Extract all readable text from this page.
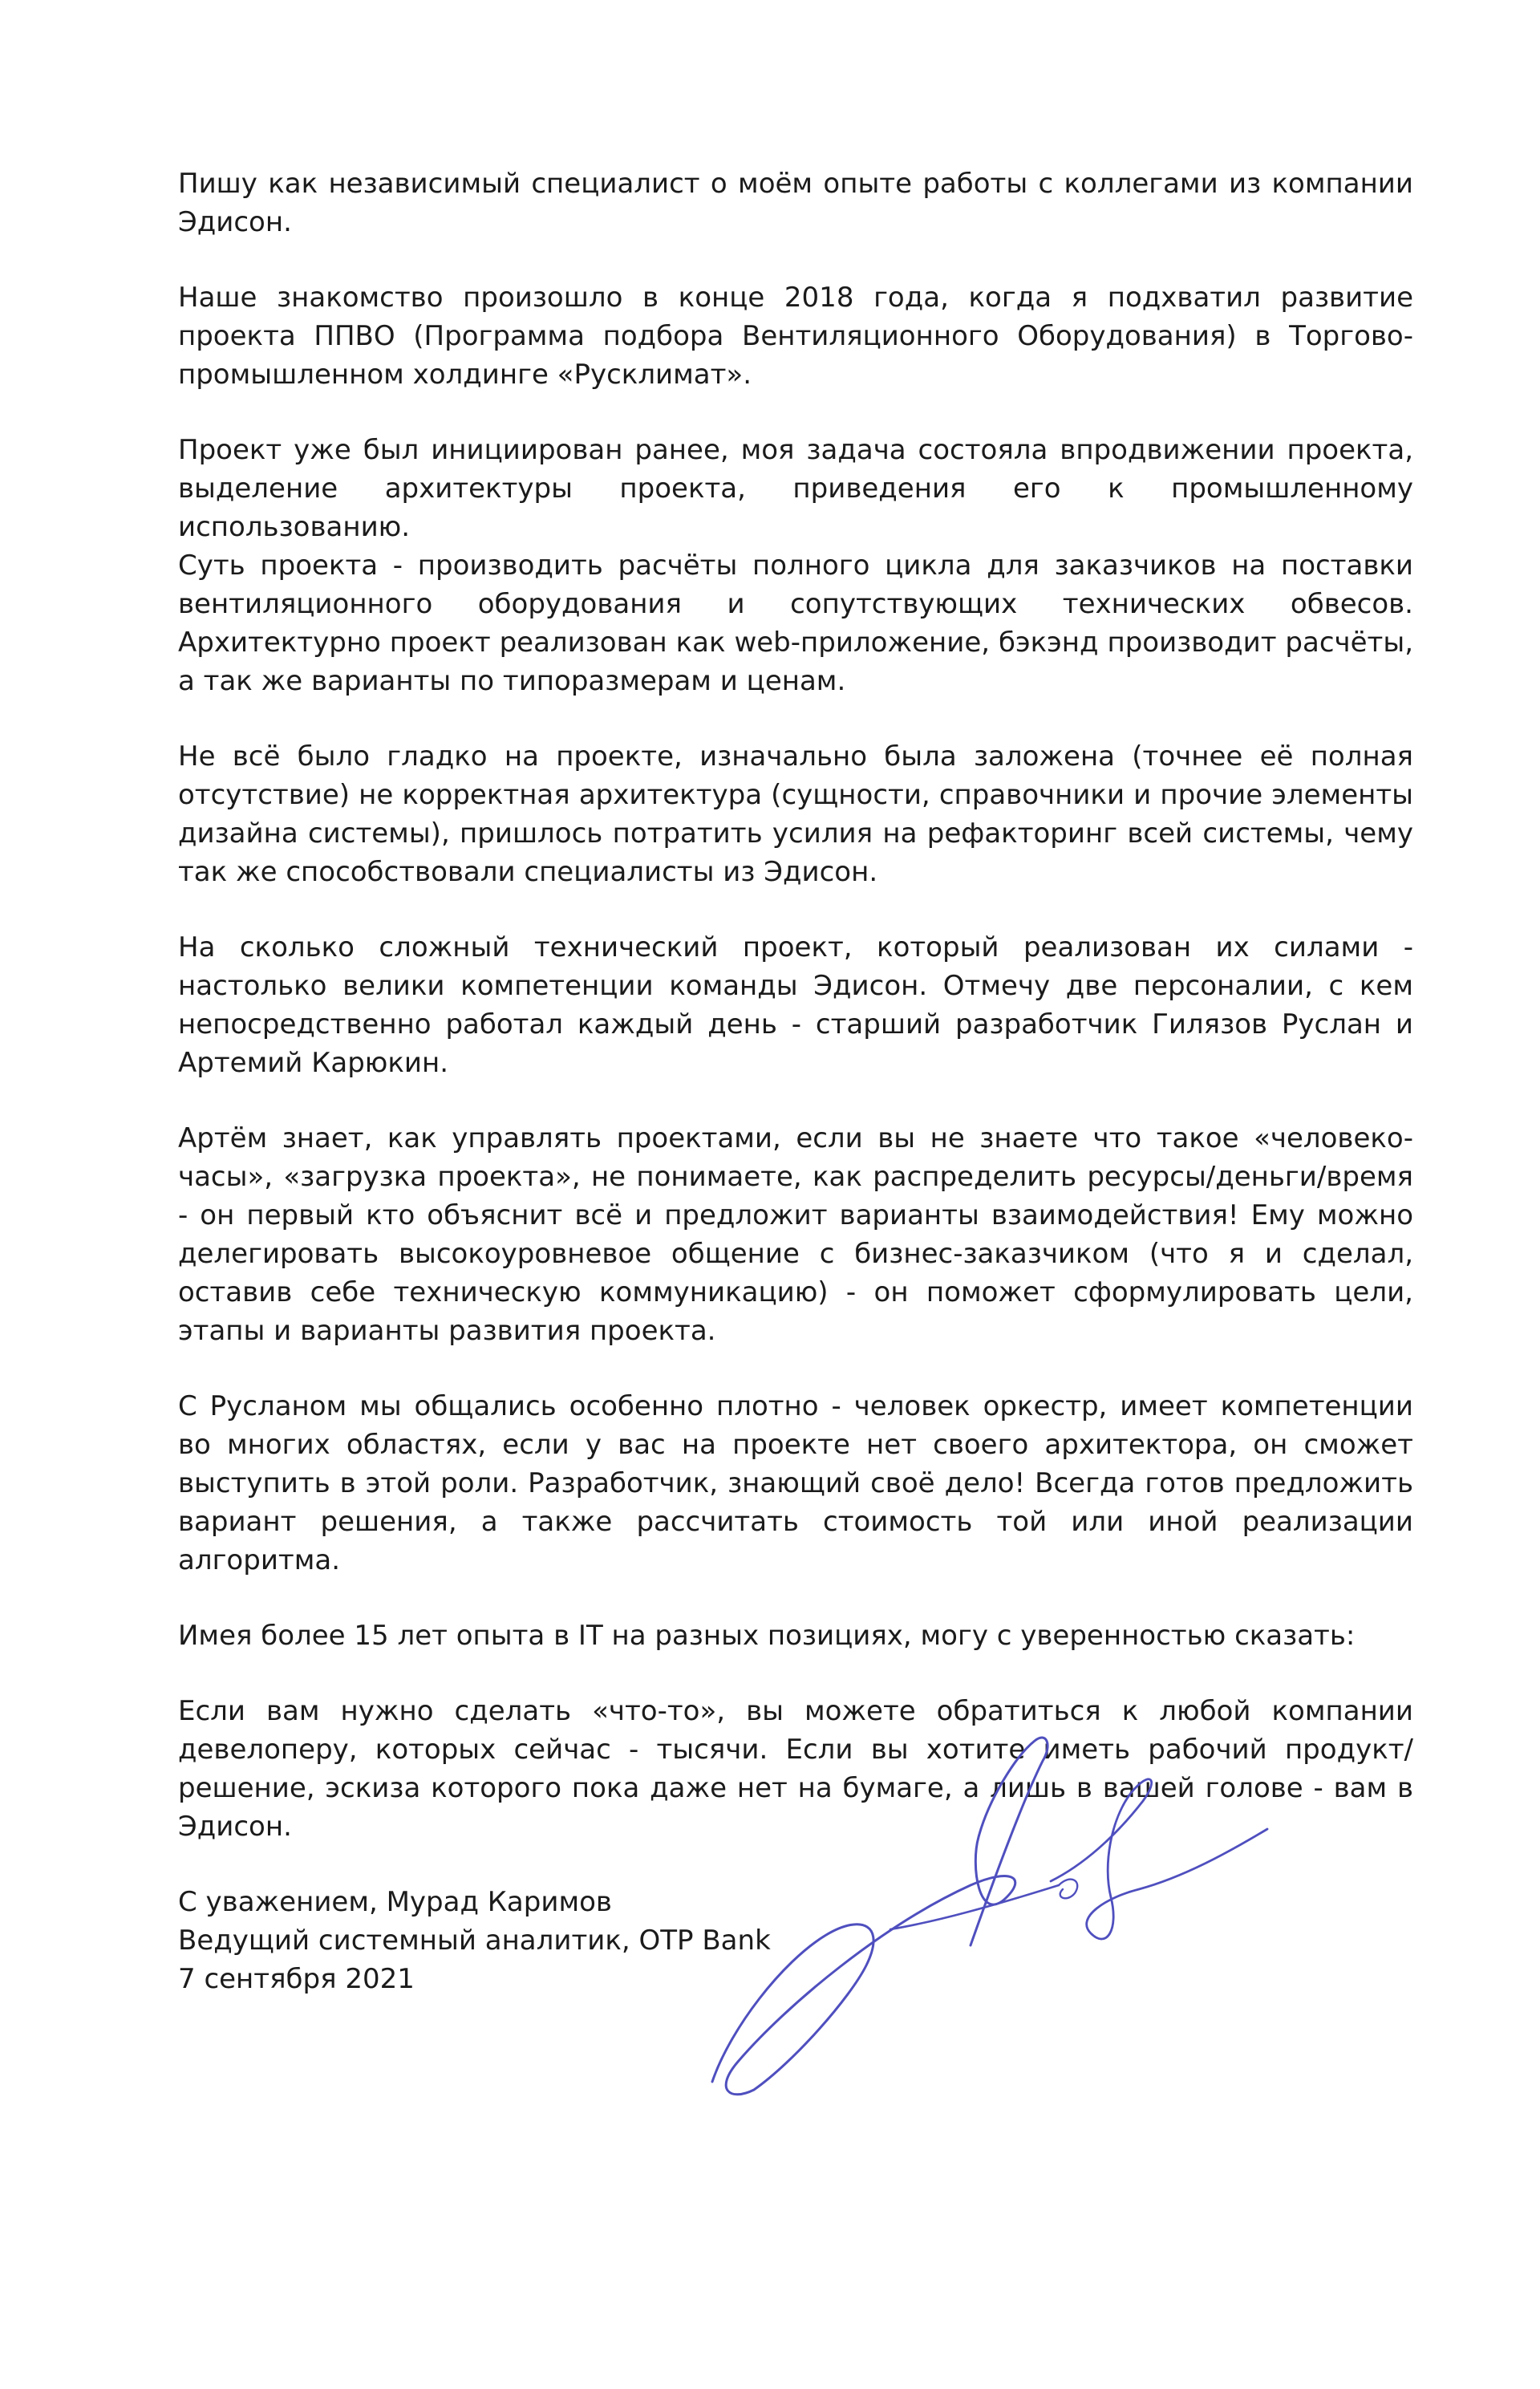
Пишу как независимый специалист о моём опыте работы с коллегами из компании Эдисон.

Наше знакомство произошло в конце 2018 года, когда я подхватил развитие проекта ППВО (Программа подбора Вентиляционного Оборудования) в Торгово-промышленном холдинге «Русклимат».

Проект уже был инициирован ранее, моя задача состояла впродвижении проекта, выделение архитектуры проекта, приведения его к промышленному использованию.

Суть проекта - производить расчёты полного цикла для заказчиков на поставки вентиляционного оборудования и сопутствующих технических обвесов. Архитектурно проект реализован как web-приложение, бэкэнд производит расчёты, а так же варианты по типоразмерам и ценам.

Не всё было гладко на проекте, изначально была заложена (точнее её полная отсутствие) не корректная архитектура (сущности, справочники и прочие элементы дизайна системы), пришлось потратить усилия на рефакторинг всей системы, чему так же способствовали специалисты из Эдисон.

На сколько сложный технический проект, который реализован их силами - настолько велики компетенции команды Эдисон. Отмечу две персоналии, с кем непосредственно работал каждый день - старший разработчик Гилязов Руслан и Артемий Карюкин.

Артём знает, как управлять проектами, если вы не знаете что такое «человеко-часы», «загрузка проекта», не понимаете, как распределить ресурсы/деньги/время - он первый кто объяснит всё и предложит варианты взаимодействия! Ему можно делегировать высокоуровневое общение с бизнес-заказчиком (что я и сделал, оставив себе техническую коммуникацию) - он поможет сформулировать цели, этапы и варианты развития проекта.

С Русланом мы общались особенно плотно - человек оркестр, имеет компетенции во многих областях, если у вас на проекте нет своего архитектора, он сможет выступить в этой роли. Разработчик, знающий своё дело! Всегда готов предложить вариант решения, а также рассчитать стоимость той или иной реализации алгоритма.

Имея более 15 лет опыта в IT на разных позициях, могу с уверенностью сказать:

Если вам нужно сделать «что-то», вы можете обратиться к любой компании девелоперу, которых сейчас - тысячи. Если вы хотите иметь рабочий продукт/решение, эскиза которого пока даже нет на бумаге, а лишь в вашей голове - вам в Эдисон.

С уважением, Мурад Каримов
Ведущий системный аналитик, OTP Bank
7 сентября 2021
